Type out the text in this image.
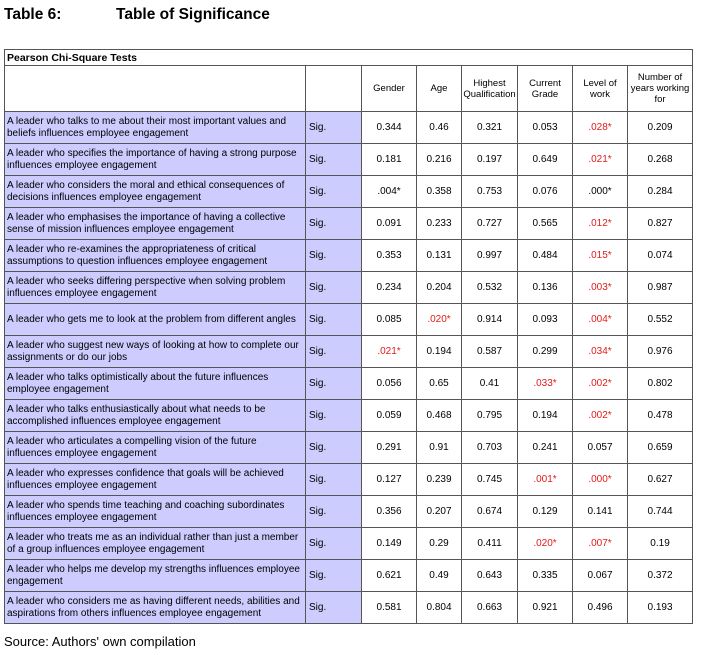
Table 6:	Table of Significance
Pearson Chi-Square Tests							
		Gender	Age	Highest Qualification	Current Grade	Level of work	Number of years working for
A leader who talks to me about their most important values and beliefs influences employee engagement	Sig.	0.344	0.46	0.321	0.053	.028*	0.209
A leader who specifies the importance of having a strong purpose influences employee engagement	Sig.	0.181	0.216	0.197	0.649	.021*	0.268
A leader who considers the moral and ethical consequences of decisions influences employee engagement	Sig.	.004*	0.358	0.753	0.076	.000*	0.284
A leader who emphasises the importance of having a collective sense of mission influences employee engagement	Sig.	0.091	0.233	0.727	0.565	.012*	0.827
A leader who re-examines the appropriateness of critical assumptions to question influences employee engagement	Sig.	0.353	0.131	0.997	0.484	.015*	0.074
A leader who seeks differing perspective when solving problem influences employee engagement	Sig.	0.234	0.204	0.532	0.136	.003*	0.987
A leader who gets me to look at the problem from different angles	Sig.	0.085	.020*	0.914	0.093	.004*	0.552
A leader who suggest new ways of looking at how to complete our assignments or do our jobs	Sig.	.021*	0.194	0.587	0.299	.034*	0.976
A leader who talks optimistically about the future influences employee engagement	Sig.	0.056	0.65	0.41	.033*	.002*	0.802
A leader who talks enthusiastically about what needs to be accomplished influences employee engagement	Sig.	0.059	0.468	0.795	0.194	.002*	0.478
A leader who articulates a compelling vision of the future influences employee engagement	Sig.	0.291	0.91	0.703	0.241	0.057	0.659
A leader who expresses confidence that goals will be achieved influences employee engagement	Sig.	0.127	0.239	0.745	.001*	.000*	0.627
A leader who spends time teaching and coaching subordinates influences employee engagement	Sig.	0.356	0.207	0.674	0.129	0.141	0.744
A leader who treats me as an individual rather than just a member of a group influences employee engagement	Sig.	0.149	0.29	0.411	.020*	.007*	0.19
A leader who helps me develop my strengths influences employee engagement	Sig.	0.621	0.49	0.643	0.335	0.067	0.372
A leader who considers me as having different needs, abilities and aspirations from others influences employee engagement	Sig.	0.581	0.804	0.663	0.921	0.496	0.193
Source: Authors' own compilation
